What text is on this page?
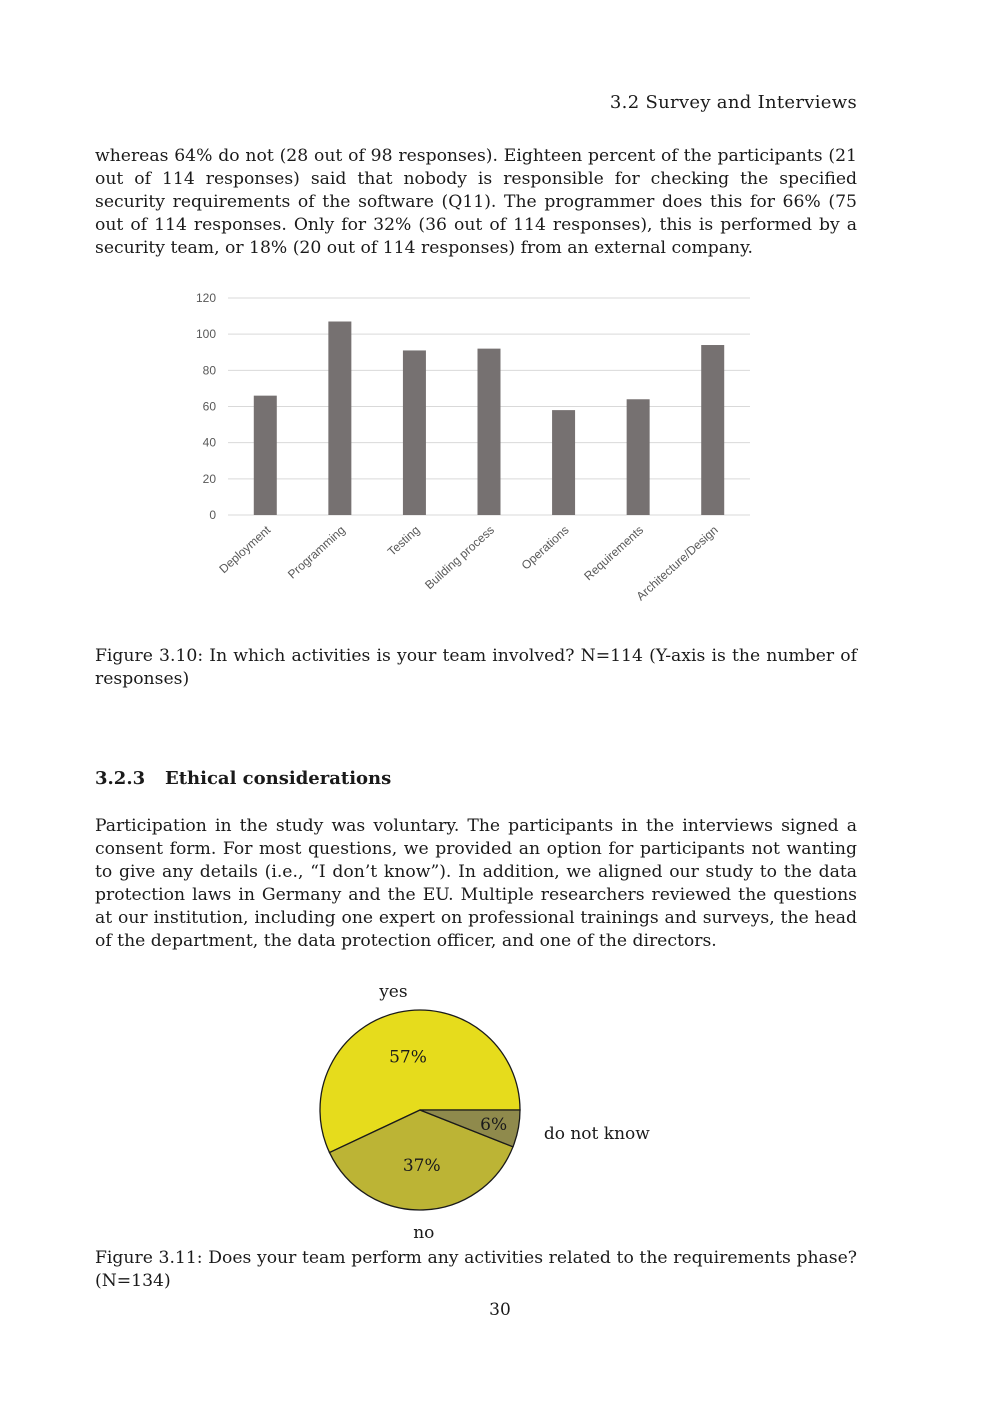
3.2 Survey and Interviews

whereas 64% do not (28 out of 98 responses). Eighteen percent of the participants (21 out of 114 responses) said that nobody is responsible for checking the specified security requirements of the software (Q11). The programmer does this for 66% (75 out of 114 responses. Only for 32% (36 out of 114 responses), this is performed by a security team, or 18% (20 out of 114 responses) from an external company.

0
20
40
60
80
100
120
Deployment Programming	Testing Building process Operations Requirements
Architecture/Design

Figure 3.10: In which activities is your team involved? N=114 (Y-axis is the number of responses)

3.2.3 Ethical considerations

Participation in the study was voluntary. The participants in the interviews signed a consent form. For most questions, we provided an option for participants not wanting to give any details (i.e., “I don’t know”). In addition, we aligned our study to the data protection laws in Germany and the EU. Multiple researchers reviewed the questions at our institution, including one expert on professional trainings and surveys, the head of the department, the data protection officer, and one of the directors.

57%
yes
37%
no
6% do not know

Figure 3.11: Does your team perform any activities related to the requirements phase? (N=134)

30
